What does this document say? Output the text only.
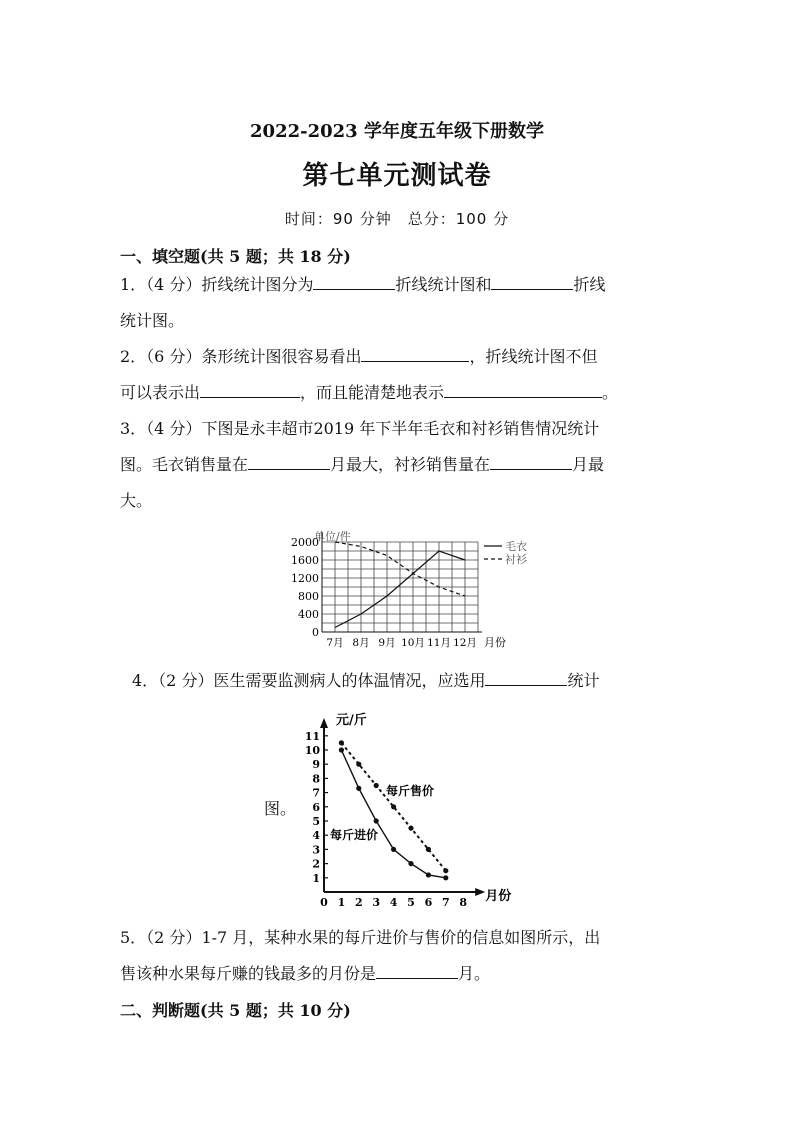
2022-2023 学年度五年级下册数学
第七单元测试卷
时间：90 分钟　总分：100 分
一、填空题(共 5 题；共 18 分)
1．（4 分）折线统计图分为	折线统计图和	折线
统计图。
2．（6 分）条形统计图很容易看出	，折线统计图不但
可以表示出	，而且能清楚地表示	。
3．（4 分）下图是永丰超市2019 年下半年毛衣和衬衫销售情况统计
图。毛衣销售量在	月最大，衬衫销售量在	月最
大。
单位/件
0
400
800
1200
1600
2000
7月 8月 9月 10月 11月 12月 月份
毛衣
衬衫
4．（2 分）医生需要监测病人的体温情况，应选用	统计
图。
元/斤
月份
1
2
3
4
5
6
7
8
9
10
11
0 1 2 3 4 5 6 7 8
每斤售价
每斤进价
5．（2 分）1-7 月，某种水果的每斤进价与售价的信息如图所示，出
售该种水果每斤赚的钱最多的月份是	月。
二、判断题(共 5 题；共 10 分)
